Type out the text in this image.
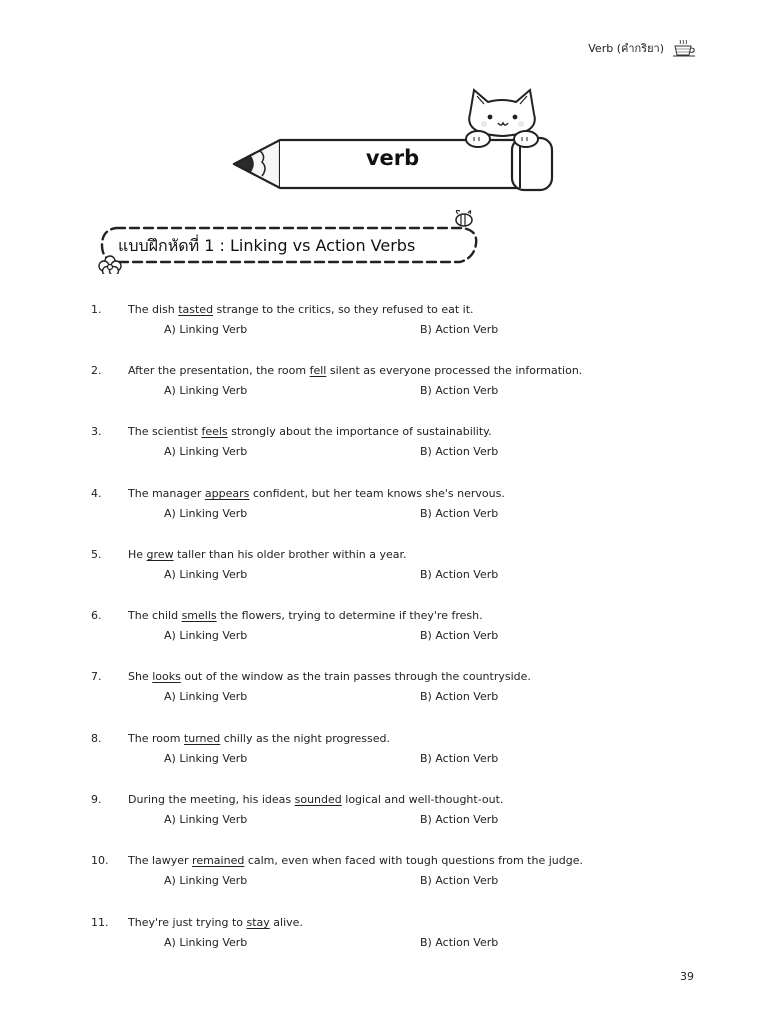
Verb (คำกริยา)
verb
แบบฝึกหัดที่ 1 : Linking vs Action Verbs
1. The dish tasted strange to the critics, so they refused to eat it.
A) Linking Verb	B) Action Verb
2. After the presentation, the room fell silent as everyone processed the information.
A) Linking Verb	B) Action Verb
3. The scientist feels strongly about the importance of sustainability.
A) Linking Verb	B) Action Verb
4. The manager appears confident, but her team knows she's nervous.
A) Linking Verb	B) Action Verb
5. He grew taller than his older brother within a year.
A) Linking Verb	B) Action Verb
6. The child smells the flowers, trying to determine if they're fresh.
A) Linking Verb	B) Action Verb
7. She looks out of the window as the train passes through the countryside.
A) Linking Verb	B) Action Verb
8. The room turned chilly as the night progressed.
A) Linking Verb	B) Action Verb
9. During the meeting, his ideas sounded logical and well-thought-out.
A) Linking Verb	B) Action Verb
10. The lawyer remained calm, even when faced with tough questions from the judge.
A) Linking Verb	B) Action Verb
11. They're just trying to stay alive.
A) Linking Verb	B) Action Verb
39
